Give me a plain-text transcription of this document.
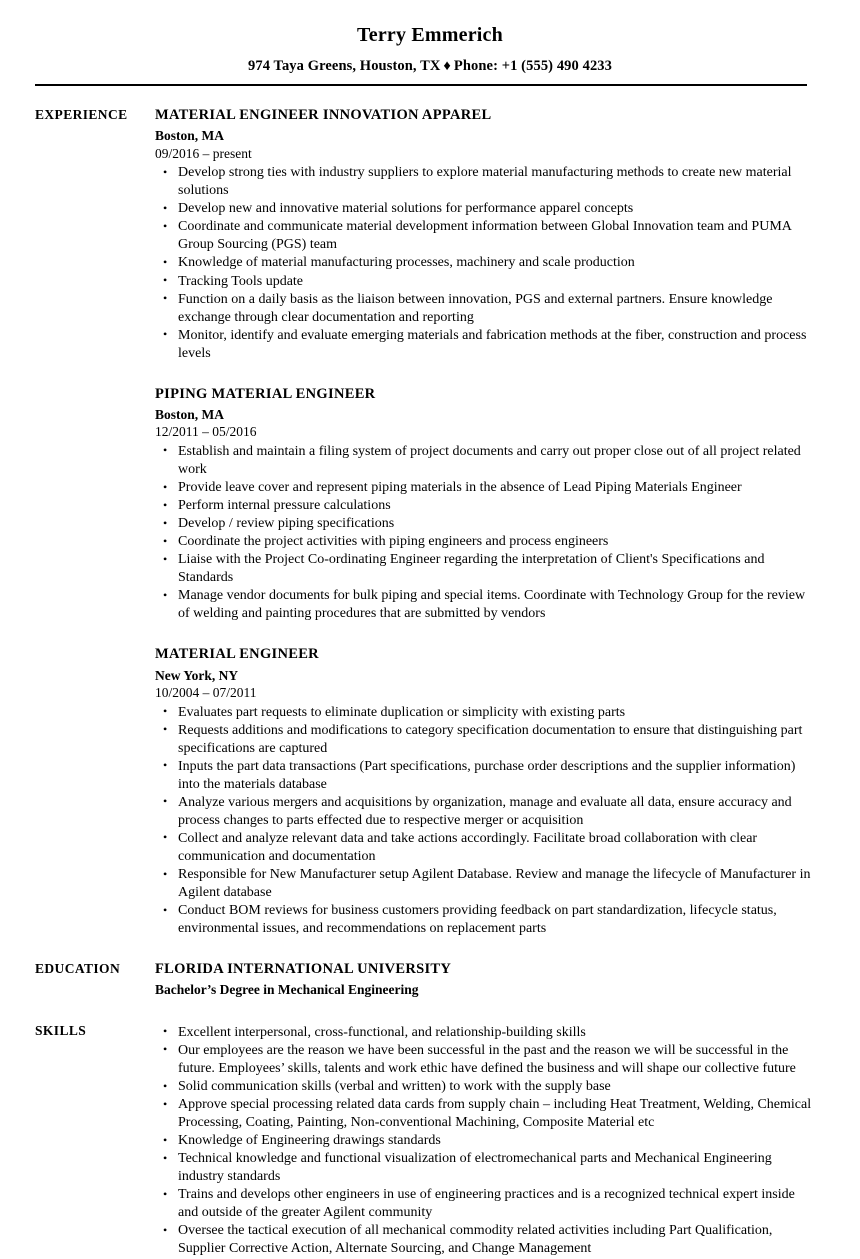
Terry Emmerich
974 Taya Greens, Houston, TX ♦ Phone: +1 (555) 490 4233
EXPERIENCE	MATERIAL ENGINEER INNOVATION APPAREL
Boston, MA
09/2016 – present
• Develop strong ties with industry suppliers to explore material manufacturing methods to create new material solutions
• Develop new and innovative material solutions for performance apparel concepts
• Coordinate and communicate material development information between Global Innovation team and PUMA Group Sourcing (PGS) team
• Knowledge of material manufacturing processes, machinery and scale production
• Tracking Tools update
• Function on a daily basis as the liaison between innovation, PGS and external partners. Ensure knowledge exchange through clear documentation and reporting
• Monitor, identify and evaluate emerging materials and fabrication methods at the fiber, construction and process levels
PIPING MATERIAL ENGINEER
Boston, MA
12/2011 – 05/2016
• Establish and maintain a filing system of project documents and carry out proper close out of all project related work
• Provide leave cover and represent piping materials in the absence of Lead Piping Materials Engineer
• Perform internal pressure calculations
• Develop / review piping specifications
• Coordinate the project activities with piping engineers and process engineers
• Liaise with the Project Co-ordinating Engineer regarding the interpretation of Client's Specifications and Standards
• Manage vendor documents for bulk piping and special items. Coordinate with Technology Group for the review of welding and painting procedures that are submitted by vendors
MATERIAL ENGINEER
New York, NY
10/2004 – 07/2011
• Evaluates part requests to eliminate duplication or simplicity with existing parts
• Requests additions and modifications to category specification documentation to ensure that distinguishing part specifications are captured
• Inputs the part data transactions (Part specifications, purchase order descriptions and the supplier information) into the materials database
• Analyze various mergers and acquisitions by organization, manage and evaluate all data, ensure accuracy and process changes to parts effected due to respective merger or acquisition
• Collect and analyze relevant data and take actions accordingly. Facilitate broad collaboration with clear communication and documentation
• Responsible for New Manufacturer setup Agilent Database. Review and manage the lifecycle of Manufacturer in Agilent database
• Conduct BOM reviews for business customers providing feedback on part standardization, lifecycle status, environmental issues, and recommendations on replacement parts
EDUCATION	FLORIDA INTERNATIONAL UNIVERSITY
Bachelor’s Degree in Mechanical Engineering
SKILLS	• Excellent interpersonal, cross-functional, and relationship-building skills
• Our employees are the reason we have been successful in the past and the reason we will be successful in the future. Employees’ skills, talents and work ethic have defined the business and will shape our collective future
• Solid communication skills (verbal and written) to work with the supply base
• Approve special processing related data cards from supply chain – including Heat Treatment, Welding, Chemical Processing, Coating, Painting, Non-conventional Machining, Composite Material etc
• Knowledge of Engineering drawings standards
• Technical knowledge and functional visualization of electromechanical parts and Mechanical Engineering industry standards
• Trains and develops other engineers in use of engineering practices and is a recognized technical expert inside and outside of the greater Agilent community
• Oversee the tactical execution of all mechanical commodity related activities including Part Qualification, Supplier Corrective Action, Alternate Sourcing, and Change Management
